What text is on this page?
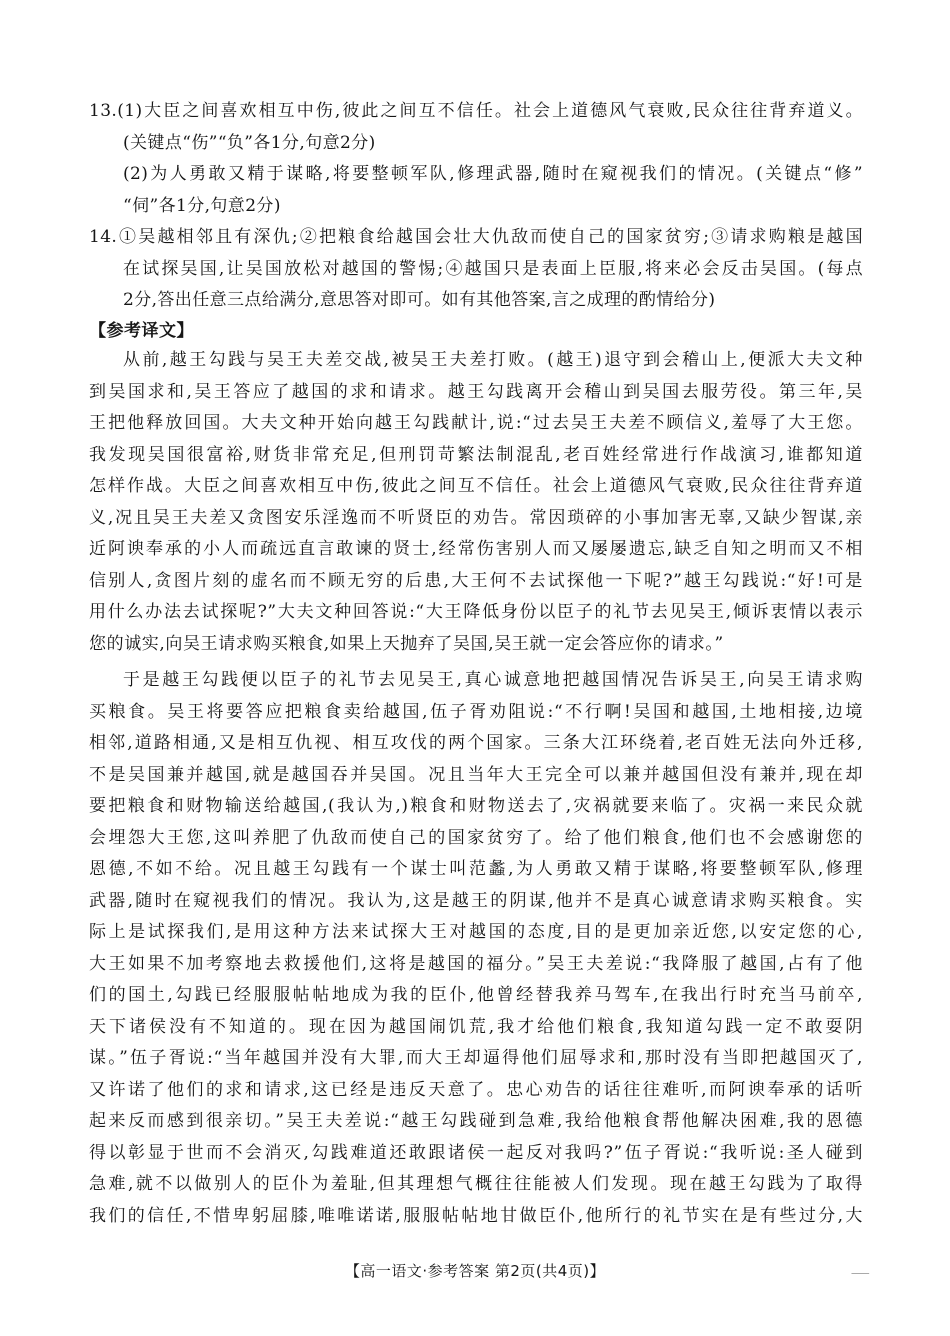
13.(1)大臣之间喜欢相互中伤,彼此之间互不信任。社会上道德风气衰败,民众往往背弃道义。
(关键点“伤”“负”各1分,句意2分)
(2)为人勇敢又精于谋略,将要整顿军队,修理武器,随时在窥视我们的情况。(关键点“修”
“伺”各1分,句意2分)
14.①吴越相邻且有深仇;②把粮食给越国会壮大仇敌而使自己的国家贫穷;③请求购粮是越国
在试探吴国,让吴国放松对越国的警惕;④越国只是表面上臣服,将来必会反击吴国。(每点
2分,答出任意三点给满分,意思答对即可。如有其他答案,言之成理的酌情给分)
【参考译文】
从前,越王勾践与吴王夫差交战,被吴王夫差打败。(越王)退守到会稽山上,便派大夫文种
到吴国求和,吴王答应了越国的求和请求。越王勾践离开会稽山到吴国去服劳役。第三年,吴
王把他释放回国。大夫文种开始向越王勾践献计,说:“过去吴王夫差不顾信义,羞辱了大王您。
我发现吴国很富裕,财货非常充足,但刑罚苛繁法制混乱,老百姓经常进行作战演习,谁都知道
怎样作战。大臣之间喜欢相互中伤,彼此之间互不信任。社会上道德风气衰败,民众往往背弃道
义,况且吴王夫差又贪图安乐淫逸而不听贤臣的劝告。常因琐碎的小事加害无辜,又缺少智谋,亲
近阿谀奉承的小人而疏远直言敢谏的贤士,经常伤害别人而又屡屡遗忘,缺乏自知之明而又不相
信别人,贪图片刻的虚名而不顾无穷的后患,大王何不去试探他一下呢?”越王勾践说:“好!可是
用什么办法去试探呢?”大夫文种回答说:“大王降低身份以臣子的礼节去见吴王,倾诉衷情以表示
您的诚实,向吴王请求购买粮食,如果上天抛弃了吴国,吴王就一定会答应你的请求。”
于是越王勾践便以臣子的礼节去见吴王,真心诚意地把越国情况告诉吴王,向吴王请求购
买粮食。吴王将要答应把粮食卖给越国,伍子胥劝阻说:“不行啊!吴国和越国,土地相接,边境
相邻,道路相通,又是相互仇视、相互攻伐的两个国家。三条大江环绕着,老百姓无法向外迁移,
不是吴国兼并越国,就是越国吞并吴国。况且当年大王完全可以兼并越国但没有兼并,现在却
要把粮食和财物输送给越国,(我认为,)粮食和财物送去了,灾祸就要来临了。灾祸一来民众就
会埋怨大王您,这叫养肥了仇敌而使自己的国家贫穷了。给了他们粮食,他们也不会感谢您的
恩德,不如不给。况且越王勾践有一个谋士叫范蠡,为人勇敢又精于谋略,将要整顿军队,修理
武器,随时在窥视我们的情况。我认为,这是越王的阴谋,他并不是真心诚意请求购买粮食。实
际上是试探我们,是用这种方法来试探大王对越国的态度,目的是更加亲近您,以安定您的心,
大王如果不加考察地去救援他们,这将是越国的福分。”吴王夫差说:“我降服了越国,占有了他
们的国土,勾践已经服服帖帖地成为我的臣仆,他曾经替我养马驾车,在我出行时充当马前卒,
天下诸侯没有不知道的。现在因为越国闹饥荒,我才给他们粮食,我知道勾践一定不敢耍阴
谋。”伍子胥说:“当年越国并没有大罪,而大王却逼得他们屈辱求和,那时没有当即把越国灭了,
又许诺了他们的求和请求,这已经是违反天意了。忠心劝告的话往往难听,而阿谀奉承的话听
起来反而感到很亲切。”吴王夫差说:“越王勾践碰到急难,我给他粮食帮他解决困难,我的恩德
得以彰显于世而不会消灭,勾践难道还敢跟诸侯一起反对我吗?”伍子胥说:“我听说:圣人碰到
急难,就不以做别人的臣仆为羞耻,但其理想气概往往能被人们发现。现在越王勾践为了取得
我们的信任,不惜卑躬屈膝,唯唯诺诺,服服帖帖地甘做臣仆,他所行的礼节实在是有些过分,大
【高一语文·参考答案 第2页(共4页)】	⸺
